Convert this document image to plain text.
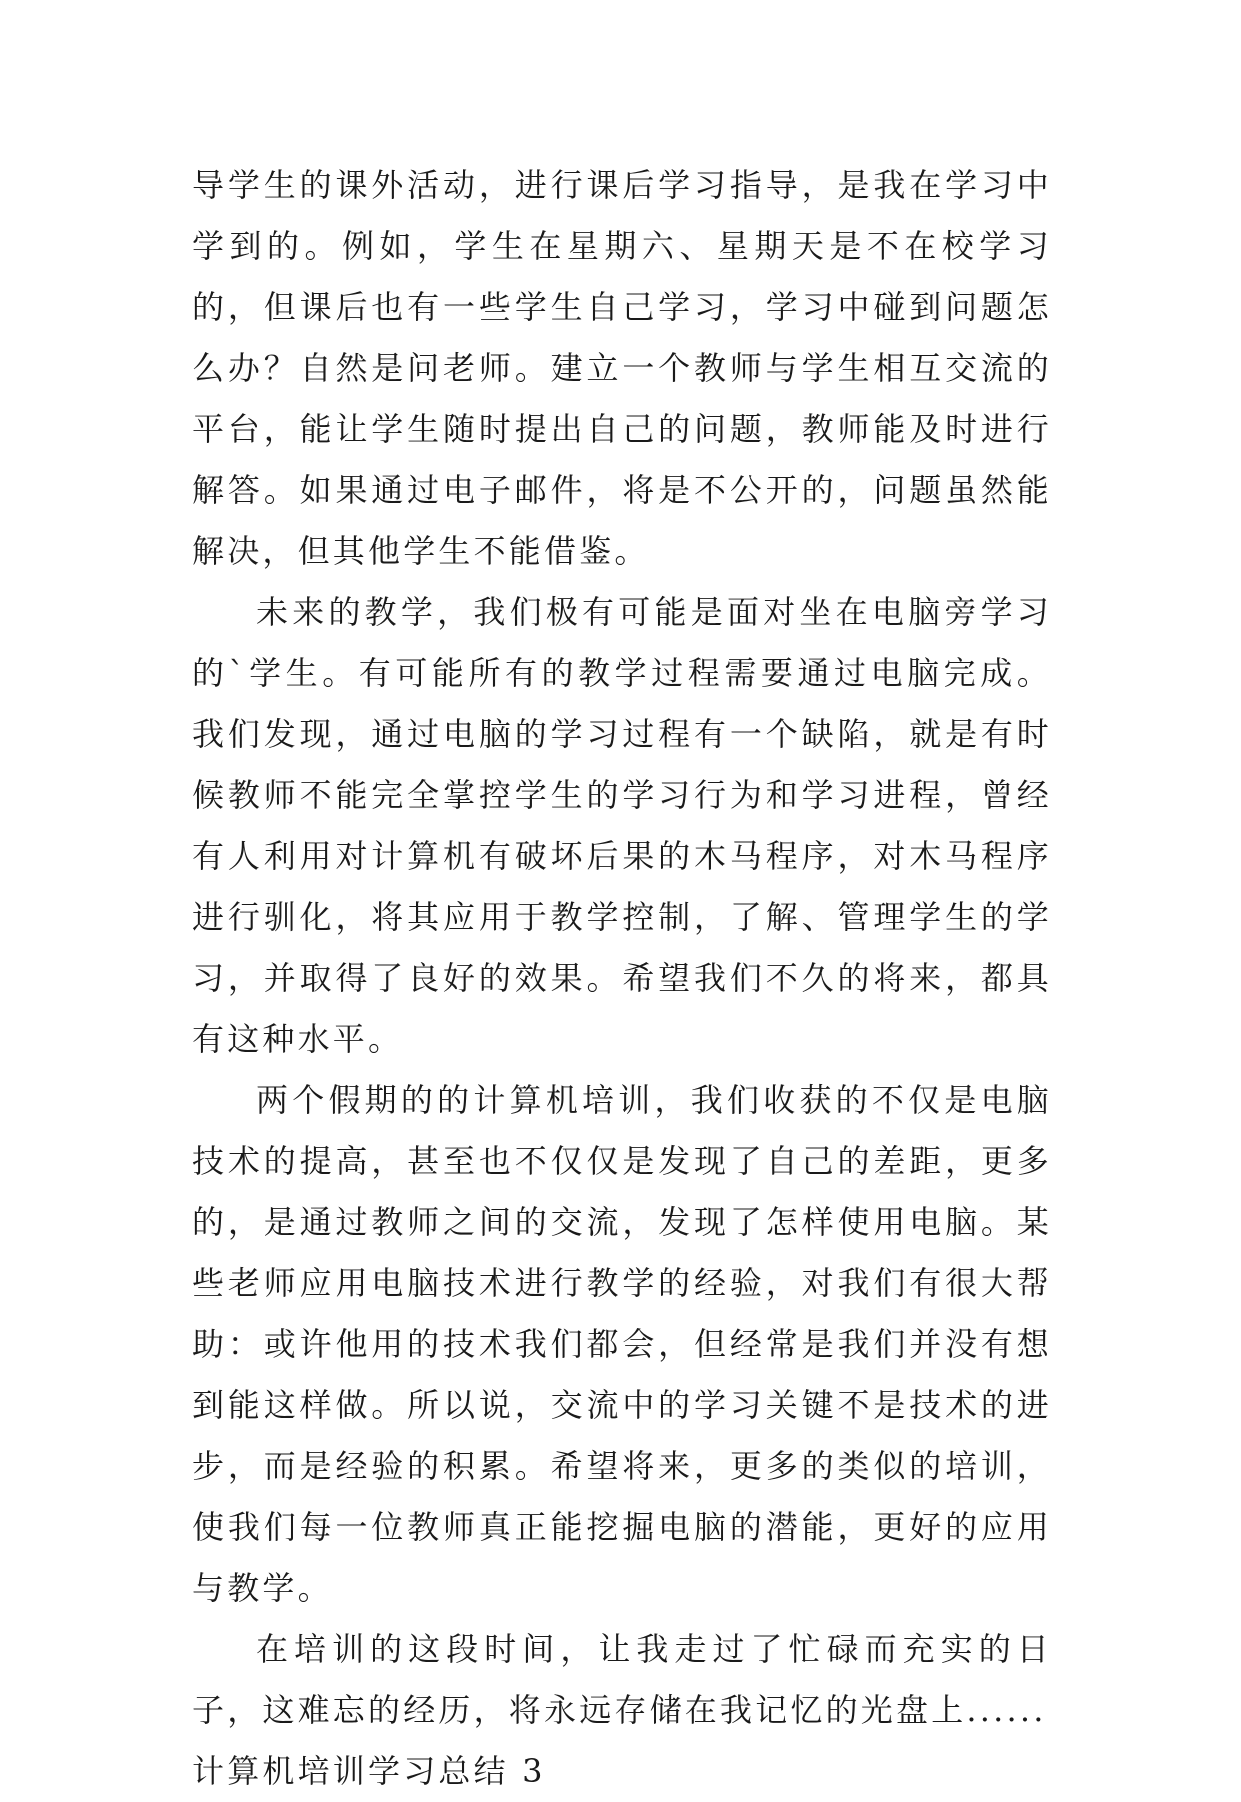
导学生的课外活动，进行课后学习指导，是我在学习中学到的。例如，学生在星期六、星期天是不在校学习的，但课后也有一些学生自己学习，学习中碰到问题怎么办？自然是问老师。建立一个教师与学生相互交流的平台，能让学生随时提出自己的问题，教师能及时进行解答。如果通过电子邮件，将是不公开的，问题虽然能解决，但其他学生不能借鉴。

未来的教学，我们极有可能是面对坐在电脑旁学习的`学生。有可能所有的教学过程需要通过电脑完成。我们发现，通过电脑的学习过程有一个缺陷，就是有时候教师不能完全掌控学生的学习行为和学习进程，曾经有人利用对计算机有破坏后果的木马程序，对木马程序进行驯化，将其应用于教学控制，了解、管理学生的学习，并取得了良好的效果。希望我们不久的将来，都具有这种水平。

两个假期的的计算机培训，我们收获的不仅是电脑技术的提高，甚至也不仅仅是发现了自己的差距，更多的，是通过教师之间的交流，发现了怎样使用电脑。某些老师应用电脑技术进行教学的经验，对我们有很大帮助：或许他用的技术我们都会，但经常是我们并没有想到能这样做。所以说，交流中的学习关键不是技术的进步，而是经验的积累。希望将来，更多的类似的培训，使我们每一位教师真正能挖掘电脑的潜能，更好的应用与教学。

在培训的这段时间，让我走过了忙碌而充实的日子，这难忘的经历，将永远存储在我记忆的光盘上......

计算机培训学习总结 3
